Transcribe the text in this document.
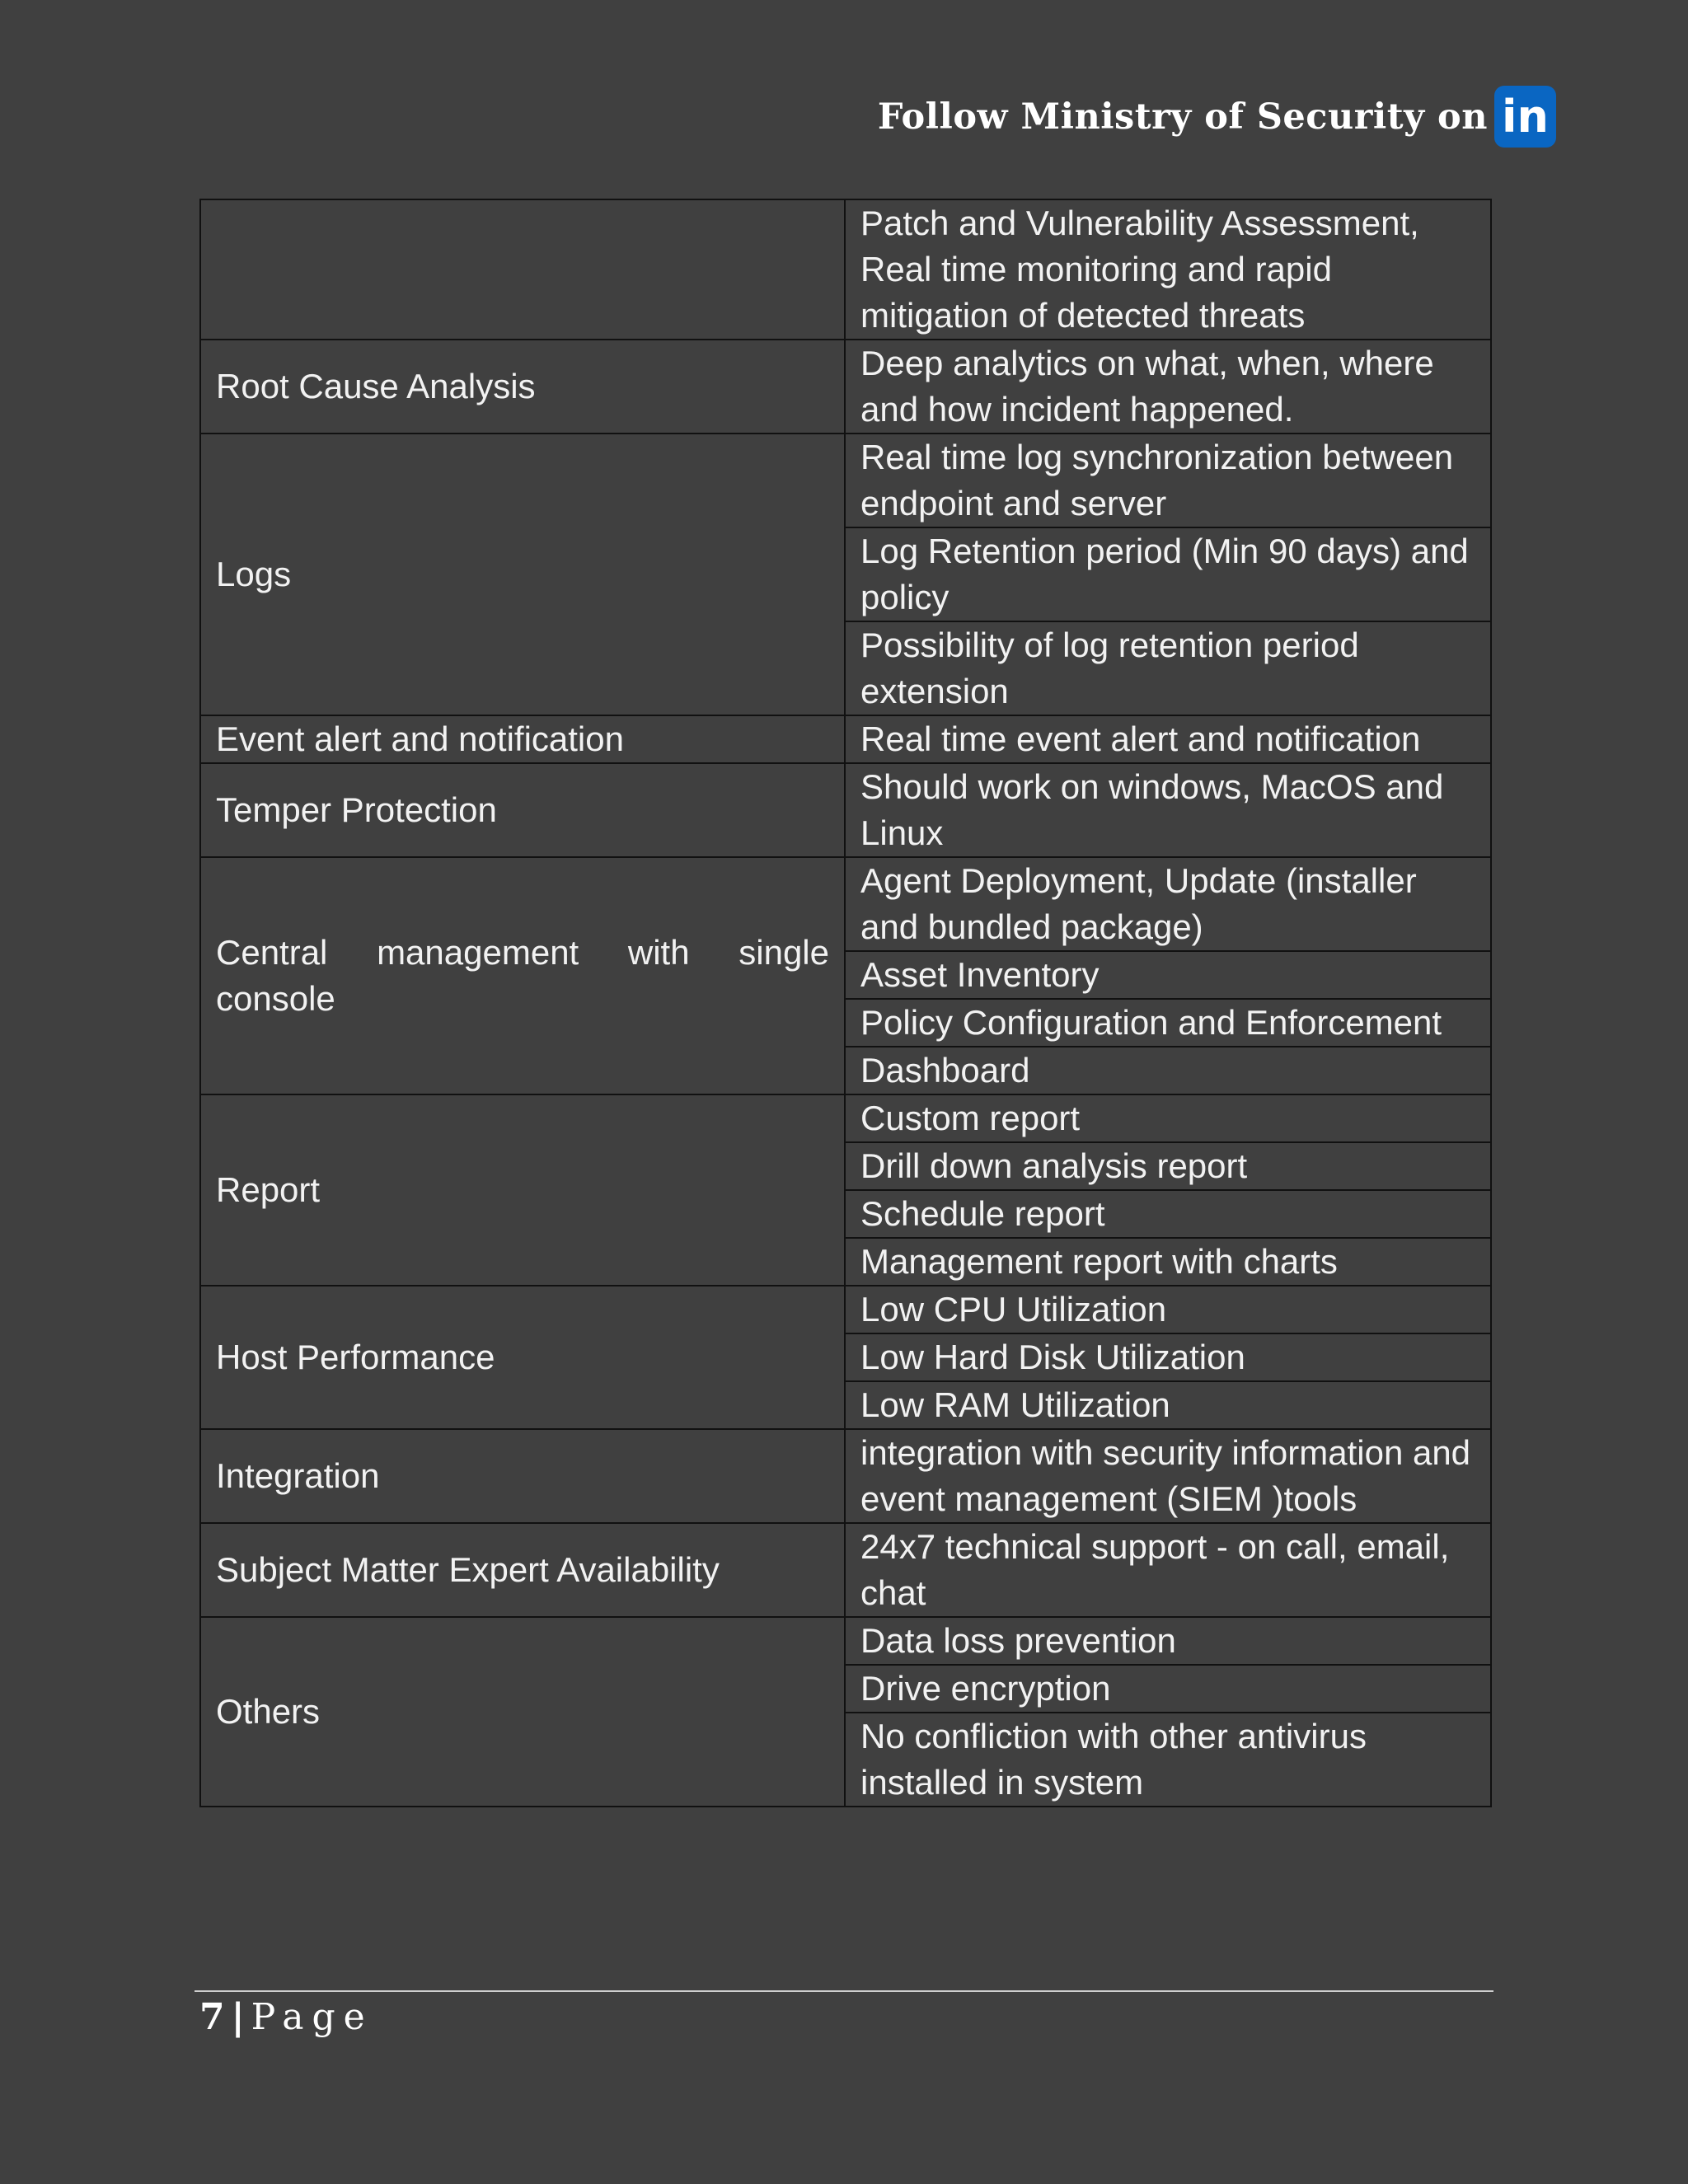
Follow Ministry of Security on in
	Patch and Vulnerability Assessment, Real time monitoring and rapid mitigation of detected threats
Root Cause Analysis	Deep analytics on what, when, where and how incident happened.
Logs	Real time log synchronization between endpoint and server
	Log Retention period (Min 90 days) and policy
	Possibility of log retention period extension
Event alert and notification	Real time event alert and notification
Temper Protection	Should work on windows, MacOS and Linux
Central management with single console	Agent Deployment, Update (installer and bundled package)
	Asset Inventory
	Policy Configuration and Enforcement
	Dashboard
Report	Custom report
	Drill down analysis report
	Schedule report
	Management report with charts
Host Performance	Low CPU Utilization
	Low Hard Disk Utilization
	Low RAM Utilization
Integration	integration with security information and event management (SIEM )tools
Subject Matter Expert Availability	24x7 technical support - on call, email, chat
Others	Data loss prevention
	Drive encryption
	No confliction with other antivirus installed in system
7 | Page
